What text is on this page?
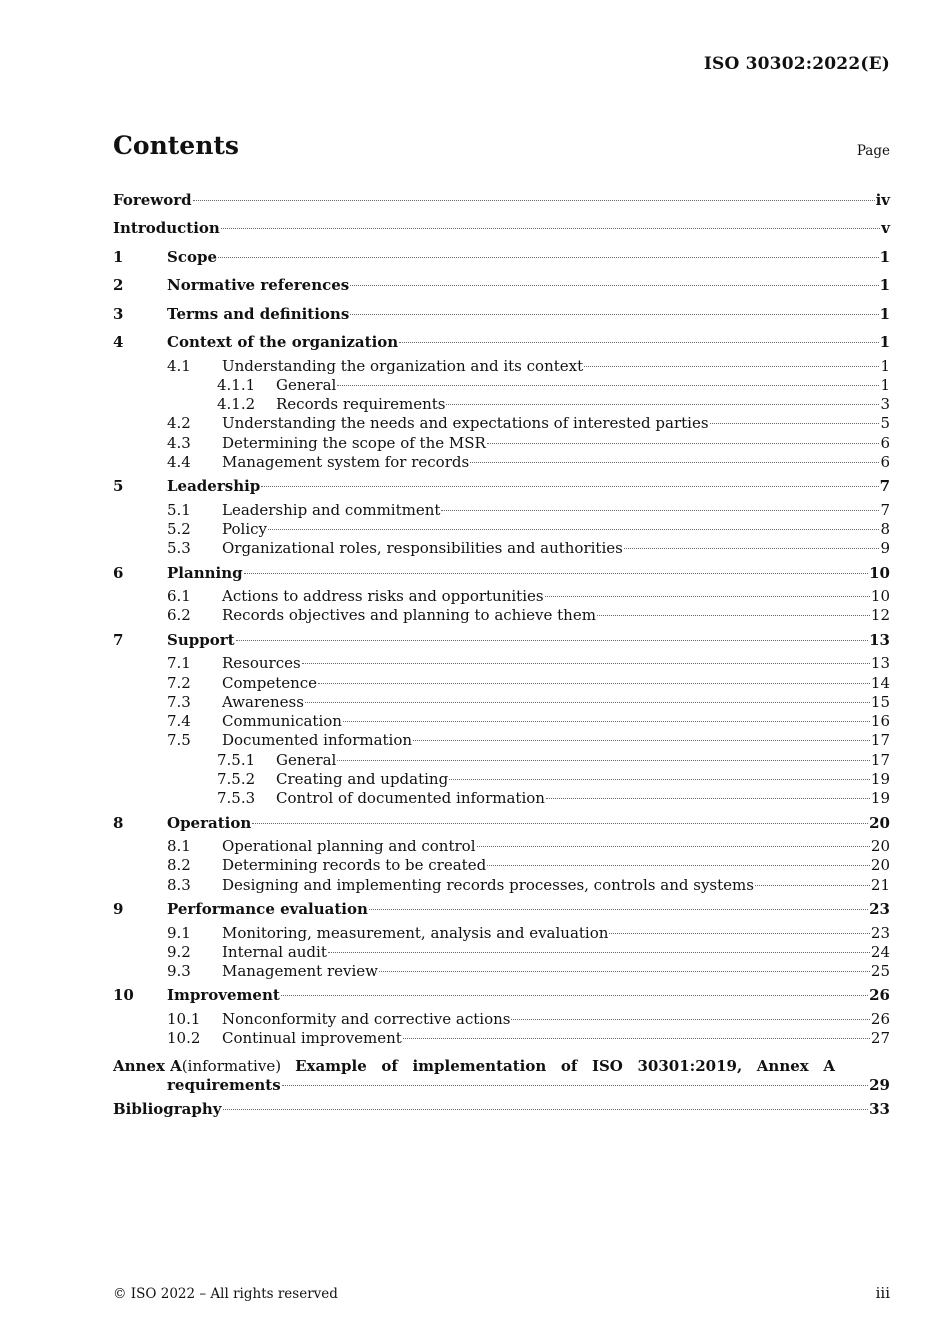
ISO 30302:2022(E)
Contents	Page
Foreword	iv
Introduction	v
1	Scope	1
2	Normative references	1
3	Terms and definitions	1
4	Context of the organization	1
4.1	Understanding the organization and its context	1
4.1.1	General	1
4.1.2	Records requirements	3
4.2	Understanding the needs and expectations of interested parties	5
4.3	Determining the scope of the MSR	6
4.4	Management system for records	6
5	Leadership	7
5.1	Leadership and commitment	7
5.2	Policy	8
5.3	Organizational roles, responsibilities and authorities	9
6	Planning	10
6.1	Actions to address risks and opportunities	10
6.2	Records objectives and planning to achieve them	12
7	Support	13
7.1	Resources	13
7.2	Competence	14
7.3	Awareness	15
7.4	Communication	16
7.5	Documented information	17
7.5.1	General	17
7.5.2	Creating and updating	19
7.5.3	Control of documented information	19
8	Operation	20
8.1	Operational planning and control	20
8.2	Determining records to be created	20
8.3	Designing and implementing records processes, controls and systems	21
9	Performance evaluation	23
9.1	Monitoring, measurement, analysis and evaluation	23
9.2	Internal audit	24
9.3	Management review	25
10	Improvement	26
10.1	Nonconformity and corrective actions	26
10.2	Continual improvement	27
Annex A (informative) Example of implementation of ISO 30301:2019, Annex A
requirements	29
Bibliography	33
© ISO 2022 – All rights reserved	iii
